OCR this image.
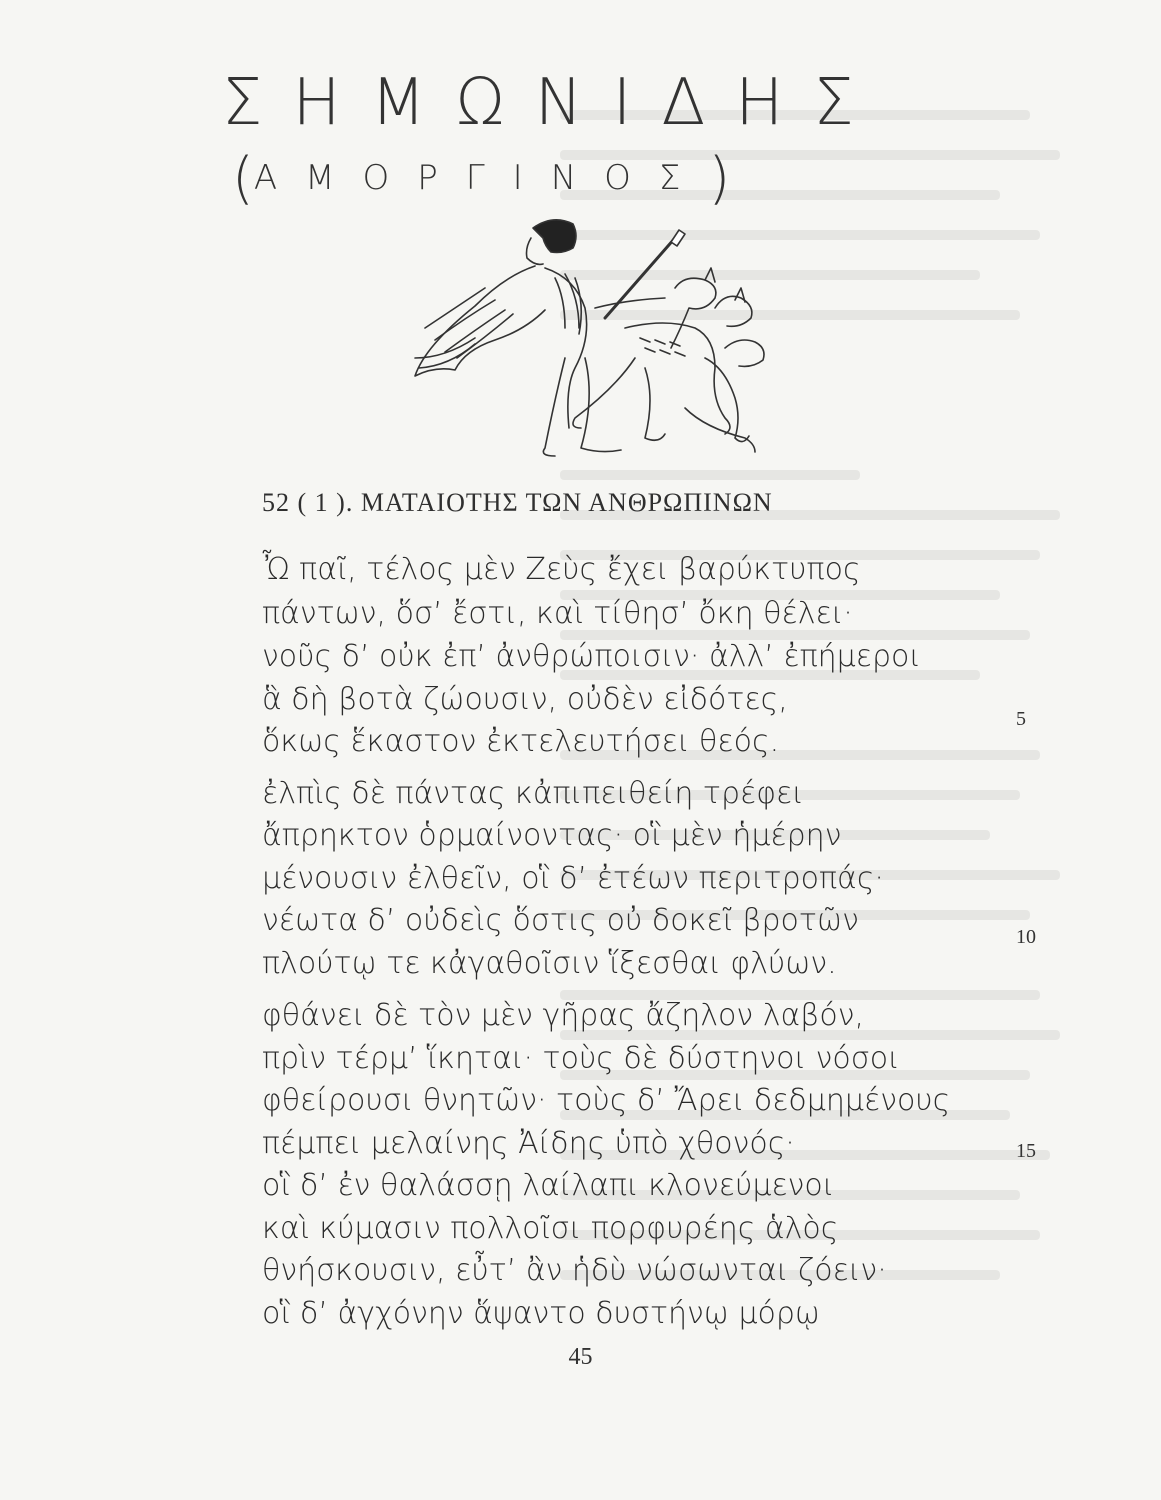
ΣΗΜΩΝΙΔΗΣ
(ΑΜΟΡΓΙΝΟΣ)
52 ( 1 ). ΜΑΤΑΙΟΤΗΣ ΤΩΝ ΑΝΘΡΩΠΙΝΩΝ
Ὦ παῖ, τέλος μὲν Ζεὺς ἔχει βαρύκτυπος
πάντων, ὅσ’ ἔστι, καὶ τίθησ’ ὄκη θέλει·
νοῦς δ’ οὐκ ἐπ’ ἀνθρώποισιν· ἀλλ’ ἐπήμεροι
ἃ δὴ βοτὰ ζώουσιν, οὐδὲν εἰδότες,
ὅκως ἕκαστον ἐκτελευτήσει θεός.
ἐλπὶς δὲ πάντας κἀπιπειθείη τρέφει
ἄπρηκτον ὁρμαίνοντας· οἳ μὲν ἡμέρην
μένουσιν ἐλθεῖν, οἳ δ’ ἐτέων περιτροπάς·
νέωτα δ’ οὐδεὶς ὅστις οὐ δοκεῖ βροτῶν
πλούτῳ τε κἀγαθοῖσιν ἵξεσθαι φλύων.
φθάνει δὲ τὸν μὲν γῆρας ἄζηλον λαβόν,
πρὶν τέρμ’ ἵκηται· τοὺς δὲ δύστηνοι νόσοι
φθείρουσι θνητῶν· τοὺς δ’ Ἄρει δεδμημένους
πέμπει μελαίνης Ἀίδης ὑπὸ χθονός·
οἳ δ’ ἐν θαλάσσῃ λαίλαπι κλονεύμενοι
καὶ κύμασιν πολλοῖσι πορφυρέης ἁλὸς
θνήσκουσιν, εὖτ’ ἂν ἡδὺ νώσωνται ζόειν·
οἳ δ’ ἀγχόνην ἅψαντο δυστήνῳ μόρῳ
5
10
15
45
